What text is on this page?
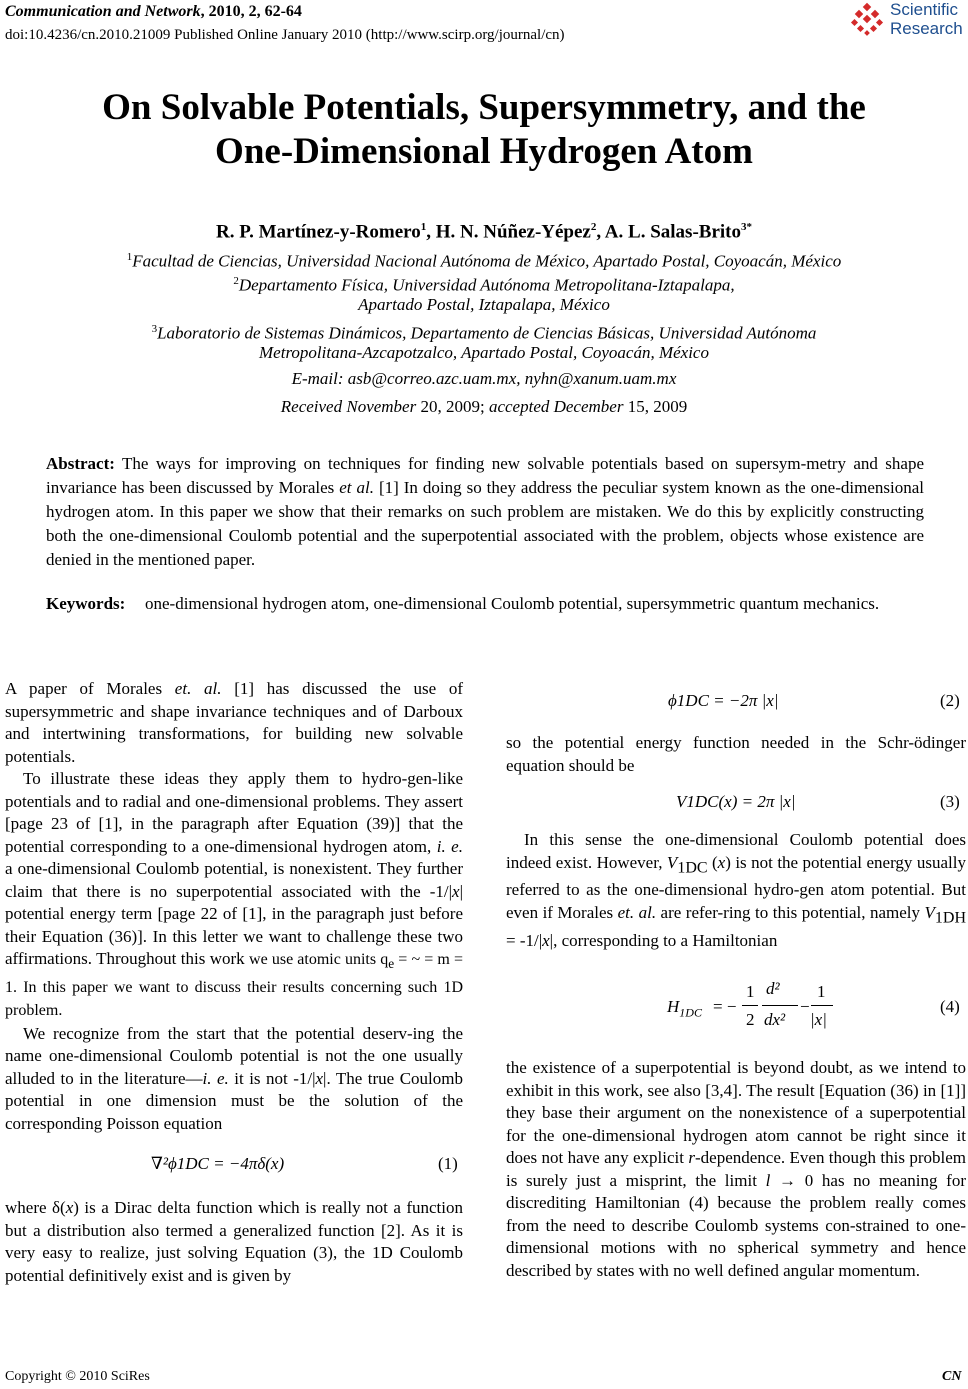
Communication and Network, 2010, 2, 62-64
doi:10.4236/cn.2010.21009 Published Online January 2010 (http://www.scirp.org/journal/cn)
Scientific
Research
On Solvable Potentials, Supersymmetry, and the
One-Dimensional Hydrogen Atom
R. P. Martínez-y-Romero$^1$, H. N. Núñez-Yépez$^2$, A. L. Salas-Brito$^{3*}$
$^1$Facultad de Ciencias, Universidad Nacional Autónoma de México, Apartado Postal, Coyoacán, México
$^2$Departamento Física, Universidad Autónoma Metropolitana-Iztapalapa,
Apartado Postal, Iztapalapa, México
$^3$Laboratorio de Sistemas Dinámicos, Departamento de Ciencias Básicas, Universidad Autónoma
Metropolitana-Azcapotzalco, Apartado Postal, Coyoacán, México
E-mail: asb@correo.azc.uam.mx, nyhn@xanum.uam.mx
Received November 20, 2009; accepted December 15, 2009
Abstract: The ways for improving on techniques for finding new solvable potentials based on supersym-metry and shape invariance has been discussed by Morales et al. [1] In doing so they address the peculiar system known as the one-dimensional hydrogen atom. In this paper we show that their remarks on such problem are mistaken. We do this by explicitly constructing both the one-dimensional Coulomb potential and the superpotential associated with the problem, objects whose existence are denied in the mentioned paper.
Keywords: one-dimensional hydrogen atom, one-dimensional Coulomb potential, supersymmetric quantum mechanics.

A paper of Morales et. al. [1] has discussed the use of supersymmetric and shape invariance techniques and of Darboux and intertwining transformations, for building new solvable potentials.

To illustrate these ideas they apply them to hydro-gen-like potentials and to radial and one-dimensional problems. They assert [page 23 of [1], in the paragraph after Equation (39)] that the potential corresponding to a one-dimensional hydrogen atom, i. e. a one-dimensional Coulomb potential, is nonexistent. They further claim that there is no superpotential associated with the -1/|x| potential energy term [page 22 of [1], in the paragraph just before their Equation (36)]. In this letter we want to challenge these two affirmations. Throughout this work we use atomic units $q_e$ = ~ = m = 1. In this paper we want to discuss their results concerning such 1D problem.

We recognize from the start that the potential deserv-ing the name one-dimensional Coulomb potential is not the one usually alluded to in the literature—i. e. it is not -1/|x|. The true Coulomb potential in one dimension must be the solution of the corresponding Poisson equation

∇²ϕ1DC = −4πδ(x)	(1)

where δ(x) is a Dirac delta function which is really not a function but a distribution also termed a generalized function [2]. As it is very easy to realize, just solving Equation (3), the 1D Coulomb potential definitively exist and is given by

ϕ1DC = −2π |x|	(2)
so the potential energy function needed in the Schr-ödinger equation should be
V1DC(x) = 2π |x|	(3)

In this sense the one-dimensional Coulomb potential does indeed exist. However, $V_{1DC}$ (x) is not the potential energy usually referred to as the one-dimensional hydro-gen atom potential. But even if Morales et. al. are refer-ring to this potential, namely $V_{1DH} = -1/|x|$, corresponding to a Hamiltonian

$H_{1DC}$ = −
1
2
d²
dx²
−
1
|x|
(4)

the existence of a superpotential is beyond doubt, as we intend to exhibit in this work, see also [3,4]. The result [Equation (36) in [1]] they base their argument on the nonexistence of a superpotential for the one-dimensional hydrogen atom cannot be right since it does not have any explicit r-dependence. Even though this problem is surely just a misprint, the limit l → 0 has no meaning for discrediting Hamiltonian (4) because the problem really comes from the need to describe Coulomb systems con-strained to one-dimensional motions with no spherical symmetry and hence described by states with no well defined angular momentum.

Copyright © 2010 SciRes	CN
